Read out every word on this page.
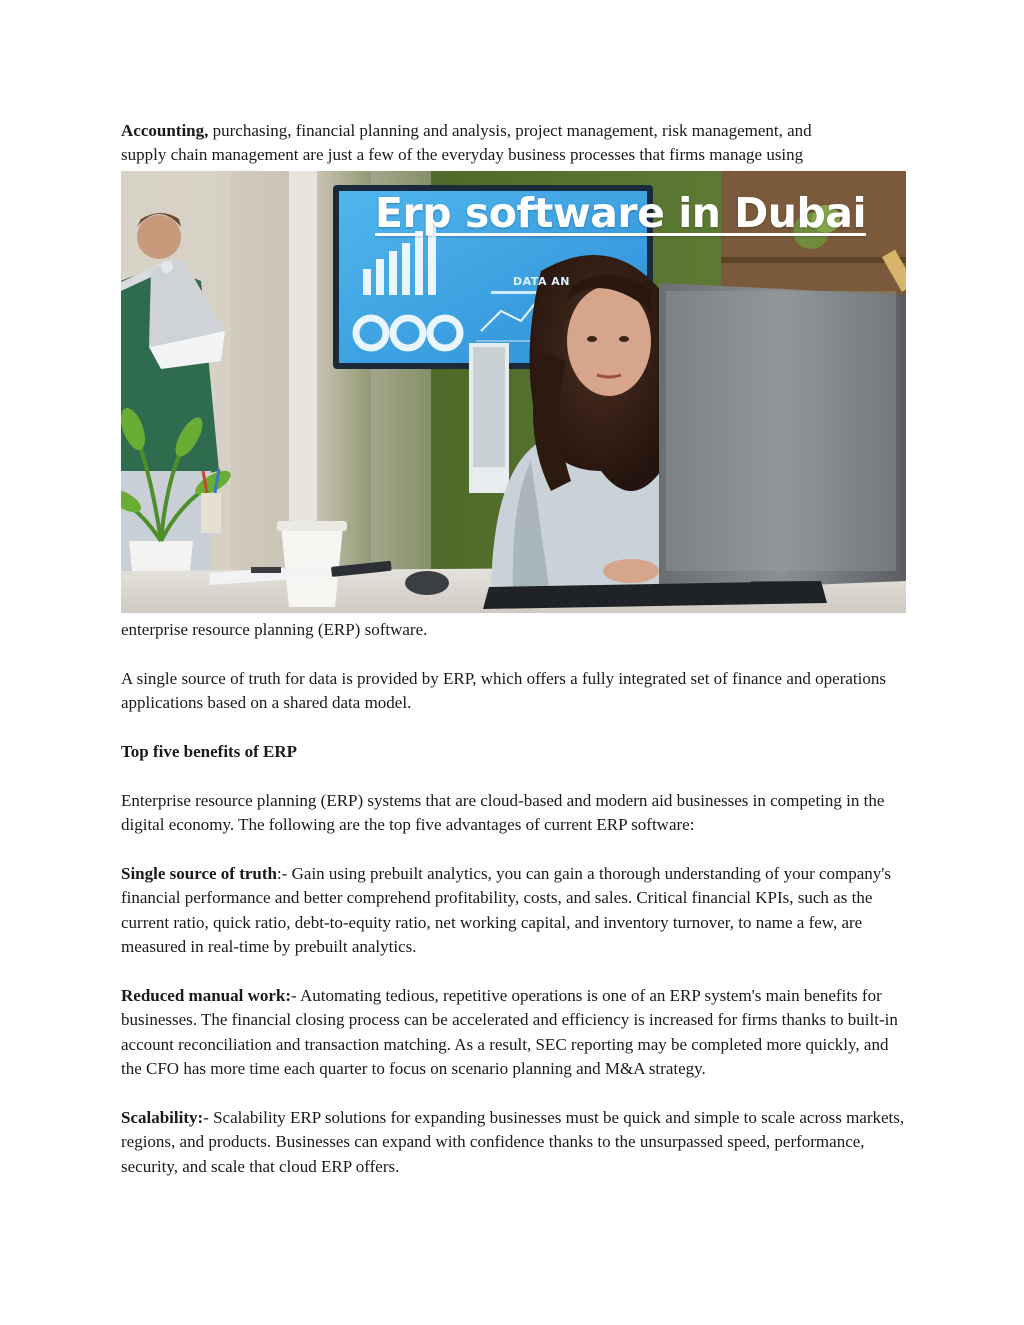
Accounting, purchasing, financial planning and analysis, project management, risk management, and
supply chain management are just a few of the everyday business processes that firms manage using

Erp software in Dubai
DATA AN

enterprise resource planning (ERP) software.

A single source of truth for data is provided by ERP, which offers a fully integrated set of finance and operations applications based on a shared data model.

Top five benefits of ERP

Enterprise resource planning (ERP) systems that are cloud-based and modern aid businesses in competing in the digital economy. The following are the top five advantages of current ERP software:

Single source of truth:- Gain using prebuilt analytics, you can gain a thorough understanding of your company's financial performance and better comprehend profitability, costs, and sales. Critical financial KPIs, such as the current ratio, quick ratio, debt-to-equity ratio, net working capital, and inventory turnover, to name a few, are measured in real-time by prebuilt analytics.

Reduced manual work:- Automating tedious, repetitive operations is one of an ERP system's main benefits for businesses. The financial closing process can be accelerated and efficiency is increased for firms thanks to built-in account reconciliation and transaction matching. As a result, SEC reporting may be completed more quickly, and the CFO has more time each quarter to focus on scenario planning and M&A strategy.

Scalability:- Scalability ERP solutions for expanding businesses must be quick and simple to scale across markets, regions, and products. Businesses can expand with confidence thanks to the unsurpassed speed, performance, security, and scale that cloud ERP offers.
